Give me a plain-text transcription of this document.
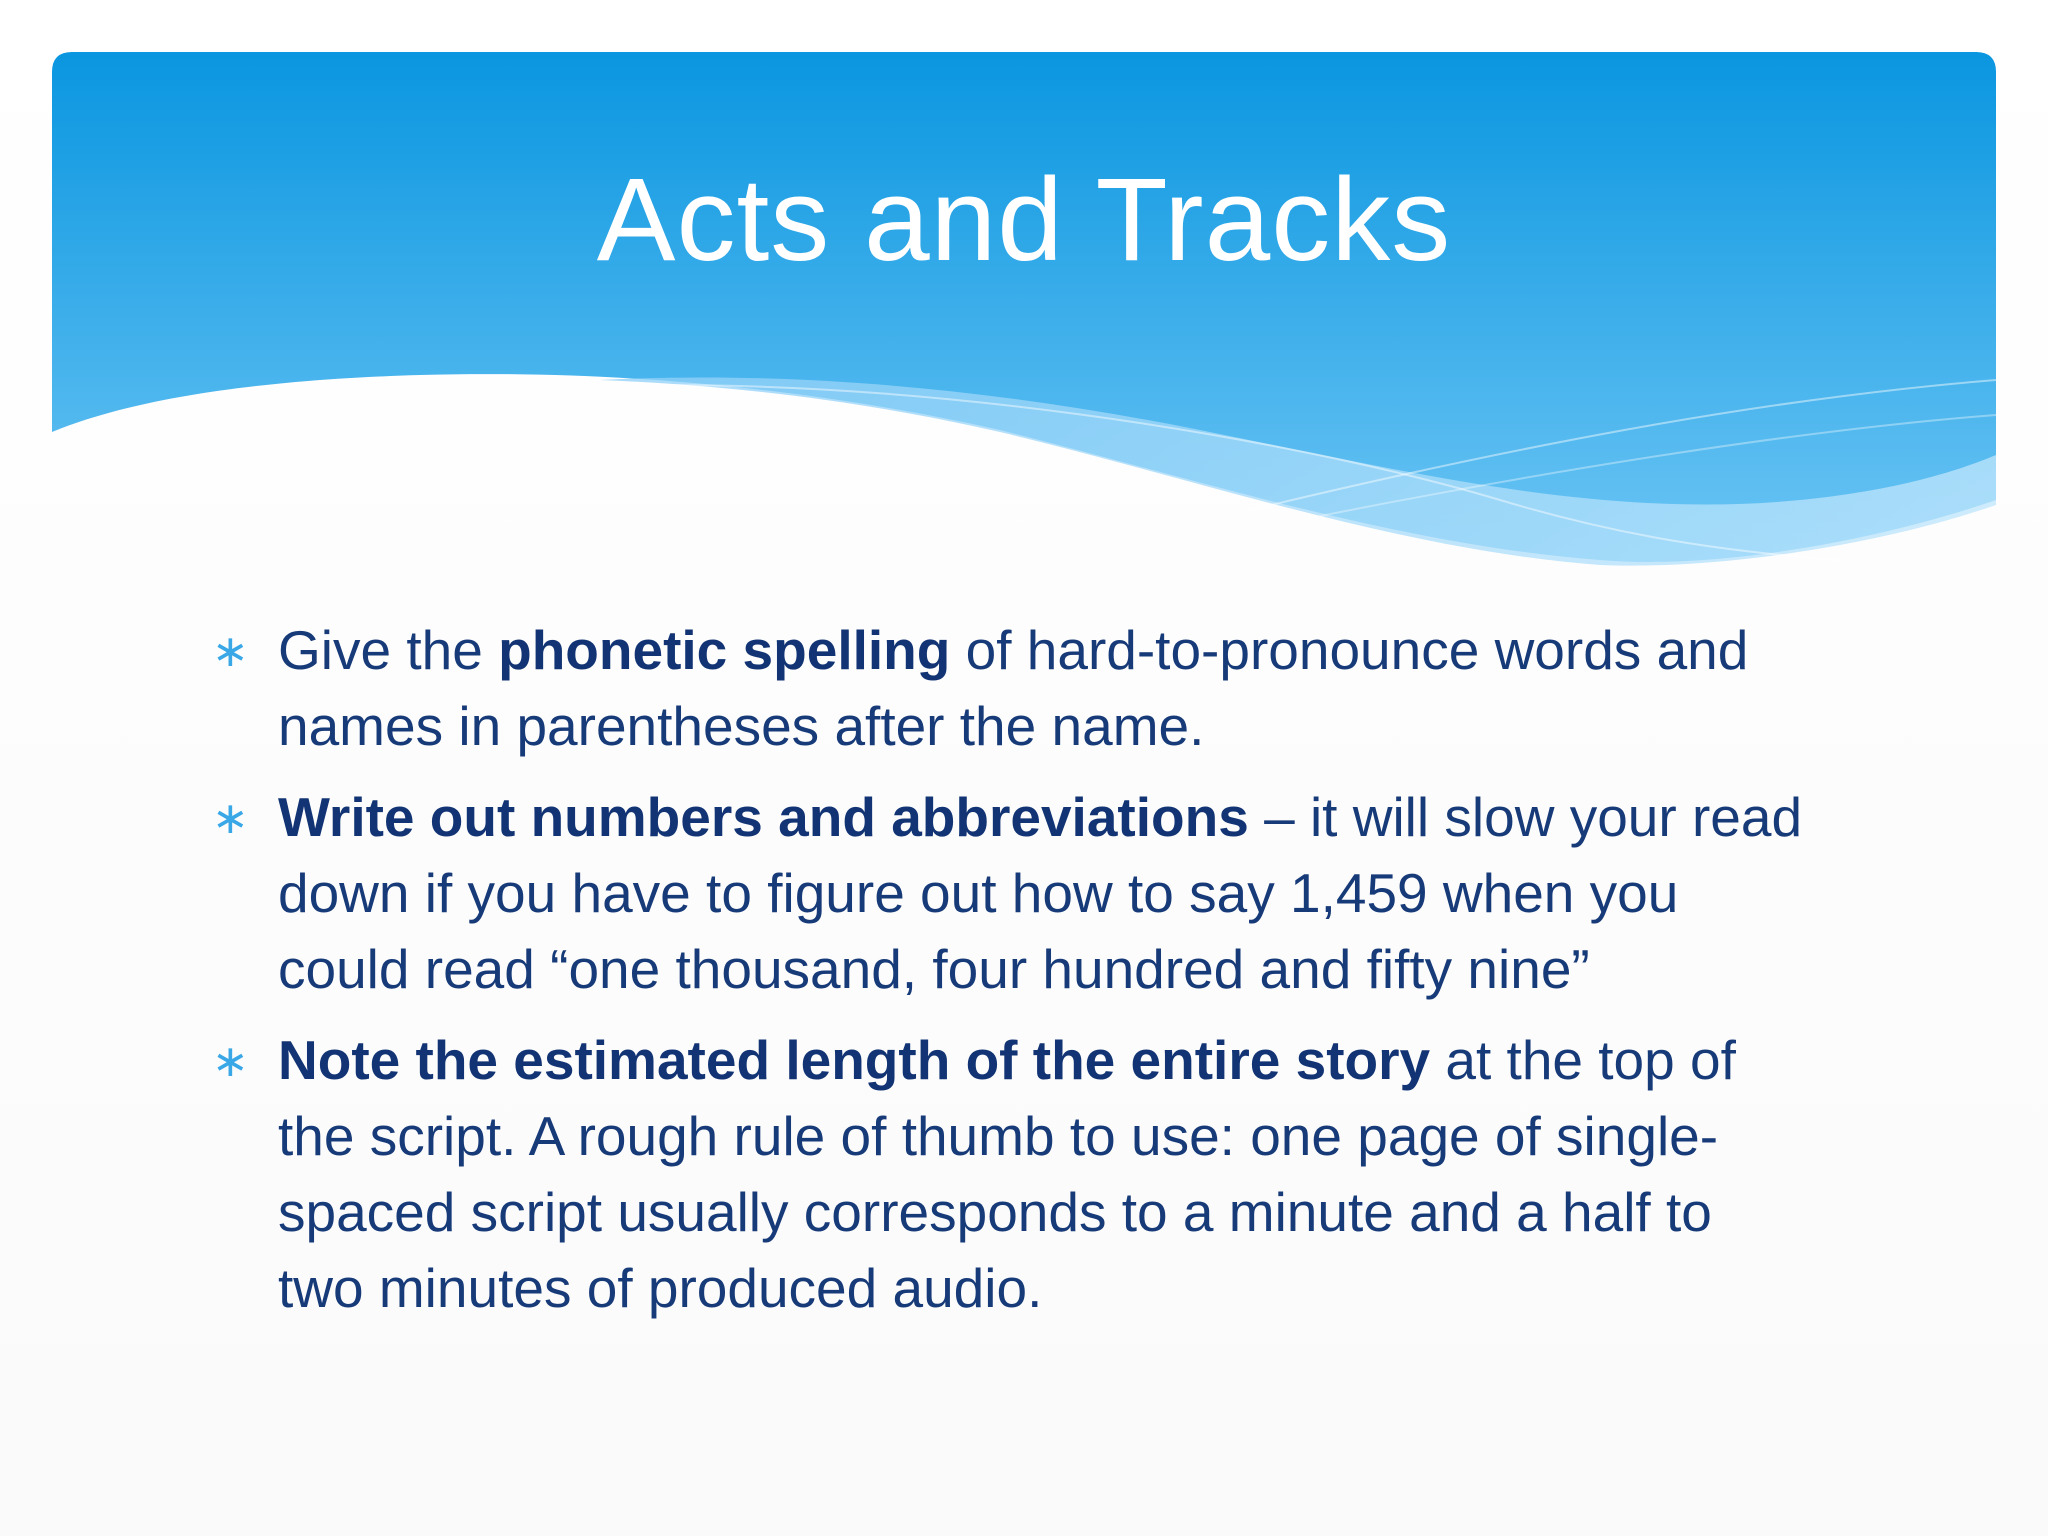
Acts and Tracks
∗ Give the phonetic spelling of hard-to-pronounce words and names in parentheses after the name.
∗ Write out numbers and abbreviations – it will slow your read down if you have to figure out how to say 1,459 when you could read “one thousand, four hundred and fifty nine”
∗ Note the estimated length of the entire story at the top of the script. A rough rule of thumb to use: one page of single-spaced script usually corresponds to a minute and a half to two minutes of produced audio.
